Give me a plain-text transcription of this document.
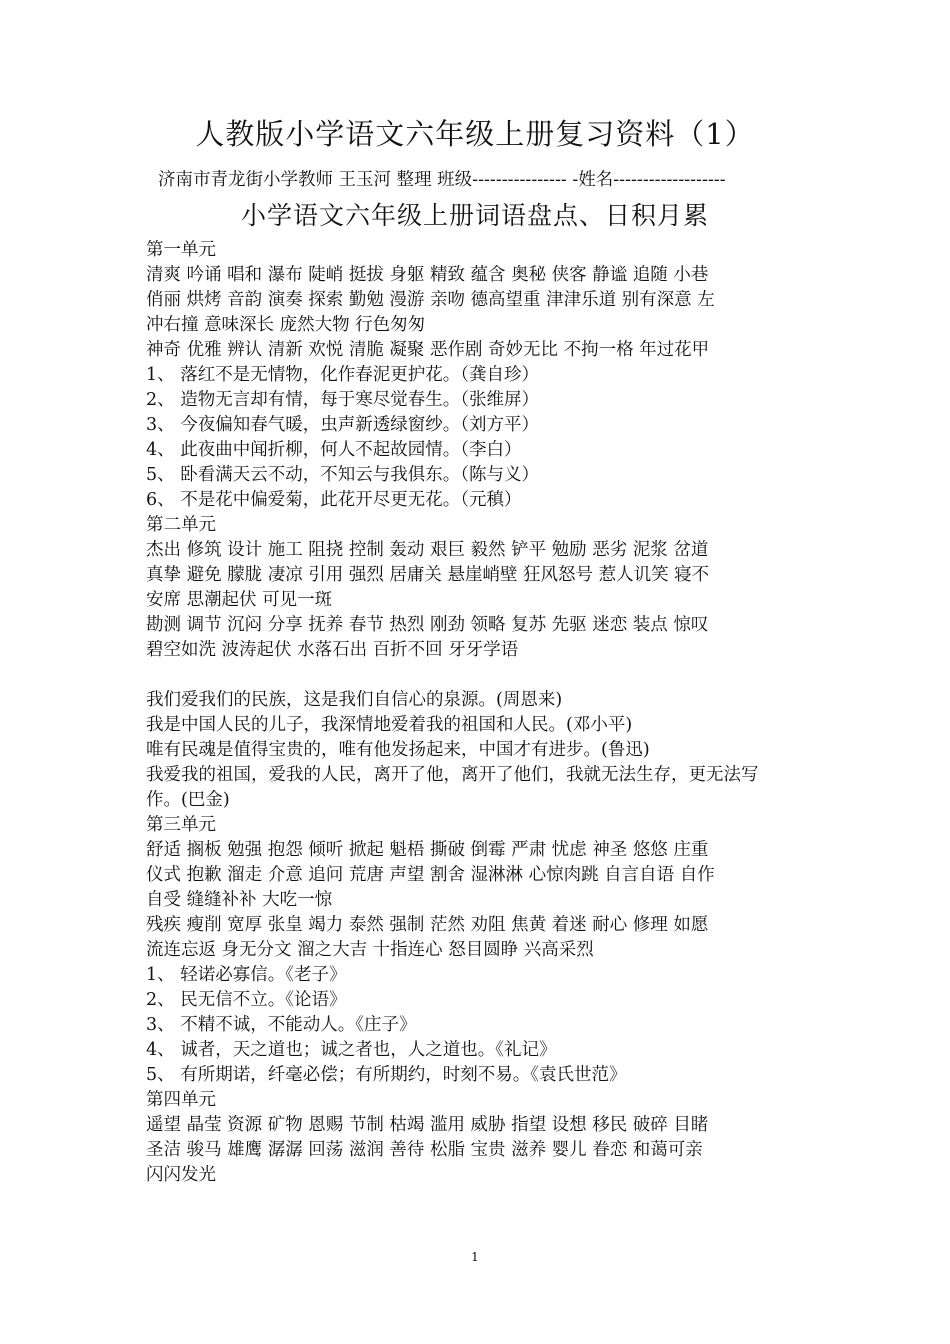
人教版小学语文六年级上册复习资料（1）
济南市青龙街小学教师 王玉河 整理 班级---------------- -姓名-------------------
小学语文六年级上册词语盘点、日积月累
第一单元
清爽 吟诵 唱和 瀑布 陡峭 挺拔 身躯 精致 蕴含 奥秘 侠客 静谧 追随 小巷
俏丽 烘烤 音韵 演奏 探索 勤勉 漫游 亲吻 德高望重 津津乐道 别有深意 左
冲右撞 意味深长 庞然大物 行色匆匆
神奇 优雅 辨认 清新 欢悦 清脆 凝聚 恶作剧 奇妙无比 不拘一格 年过花甲
1、 落红不是无情物，化作春泥更护花。（龚自珍）
2、 造物无言却有情，每于寒尽觉春生。（张维屏）
3、 今夜偏知春气暖，虫声新透绿窗纱。（刘方平）
4、 此夜曲中闻折柳，何人不起故园情。（李白）
5、 卧看满天云不动，不知云与我俱东。（陈与义）
6、 不是花中偏爱菊，此花开尽更无花。（元稹）
第二单元
杰出 修筑 设计 施工 阻挠 控制 轰动 艰巨 毅然 铲平 勉励 恶劣 泥浆 岔道
真挚 避免 朦胧 凄凉 引用 强烈 居庸关 悬崖峭壁 狂风怒号 惹人讥笑 寝不
安席 思潮起伏 可见一斑
勘测 调节 沉闷 分享 抚养 春节 热烈 刚劲 领略 复苏 先驱 迷恋 装点 惊叹
碧空如洗 波涛起伏 水落石出 百折不回 牙牙学语
我们爱我们的民族，这是我们自信心的泉源。(周恩来)
我是中国人民的儿子，我深情地爱着我的祖国和人民。(邓小平)
唯有民魂是值得宝贵的，唯有他发扬起来，中国才有进步。(鲁迅)
我爱我的祖国，爱我的人民，离开了他，离开了他们，我就无法生存，更无法写
作。(巴金)
第三单元
舒适 搁板 勉强 抱怨 倾听 掀起 魁梧 撕破 倒霉 严肃 忧虑 神圣 悠悠 庄重
仪式 抱歉 溜走 介意 追问 荒唐 声望 割舍 湿淋淋 心惊肉跳 自言自语 自作
自受 缝缝补补 大吃一惊
残疾 瘦削 宽厚 张皇 竭力 泰然 强制 茫然 劝阻 焦黄 着迷 耐心 修理 如愿
流连忘返 身无分文 溜之大吉 十指连心 怒目圆睁 兴高采烈
1、 轻诺必寡信。《老子》
2、 民无信不立。《论语》
3、 不精不诚，不能动人。《庄子》
4、 诚者，天之道也；诚之者也，人之道也。《礼记》
5、 有所期诺，纤毫必偿；有所期约，时刻不易。《袁氏世范》
第四单元
遥望 晶莹 资源 矿物 恩赐 节制 枯竭 滥用 威胁 指望 设想 移民 破碎 目睹
圣洁 骏马 雄鹰 潺潺 回荡 滋润 善待 松脂 宝贵 滋养 婴儿 眷恋 和蔼可亲
闪闪发光
1
